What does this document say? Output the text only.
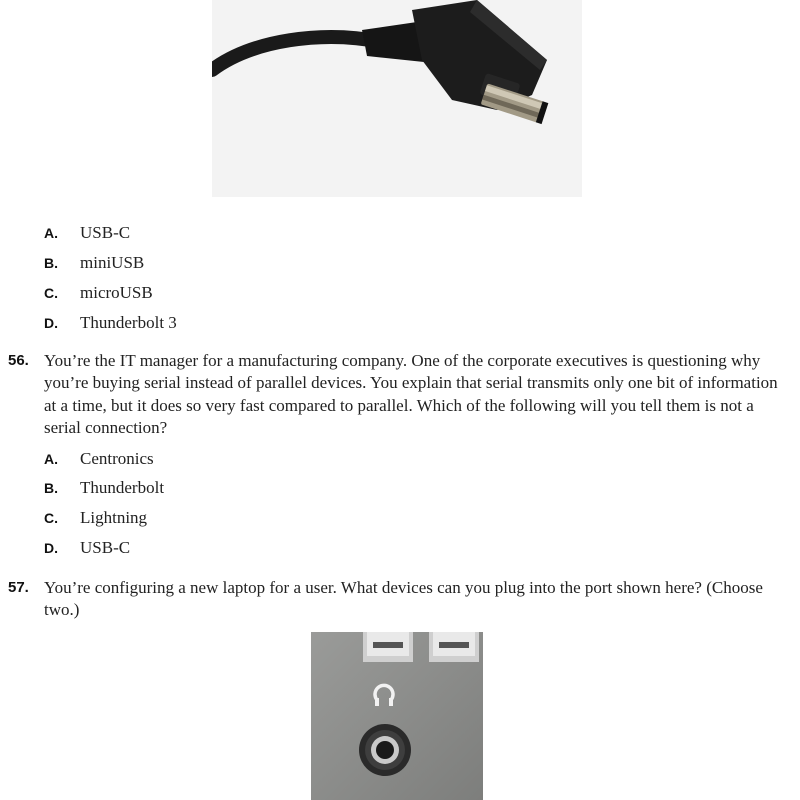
A. USB-C
B. miniUSB
C. microUSB
D. Thunderbolt 3
56. You’re the IT manager for a manufacturing company. One of the corporate executives is questioning why you’re buying serial instead of parallel devices. You explain that serial transmits only one bit of information at a time, but it does so very fast compared to parallel. Which of the following will you tell them is not a serial connection?
A. Centronics
B. Thunderbolt
C. Lightning
D. USB-C
57. You’re configuring a new laptop for a user. What devices can you plug into the port shown here? (Choose two.)
